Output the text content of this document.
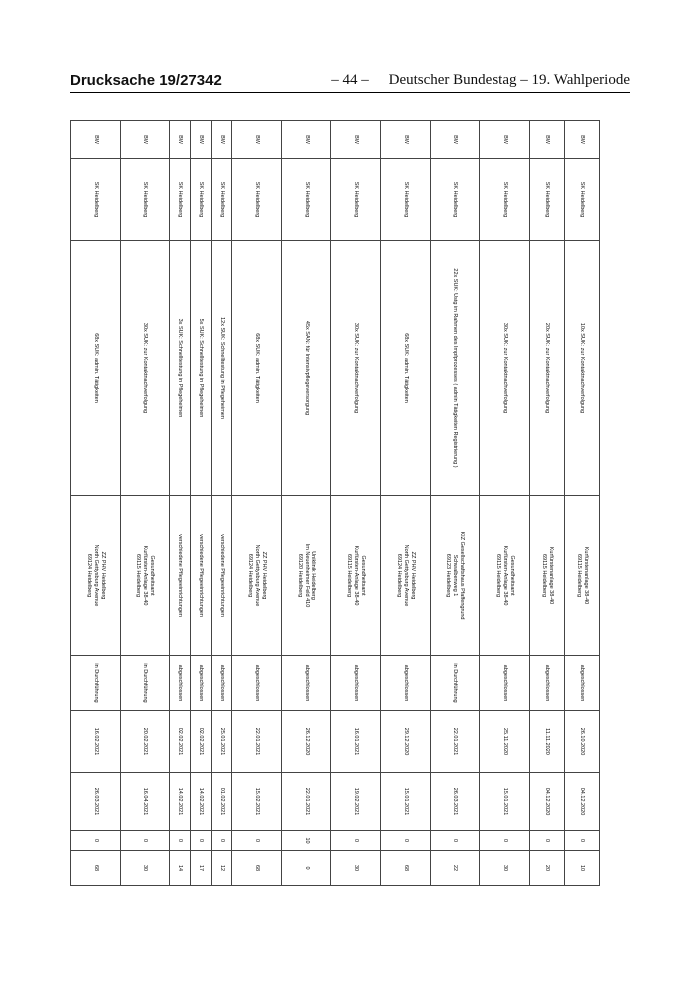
Drucksache 19/27342	– 44 –	Deutscher Bundestag – 19. Wahlperiode
BW	SK Heidelberg	10x SUK: zur Kontaktnachverfolgung	Kurfürstenanlage 38-40
69115 Heidelberg	abgeschlossen	26.10.2020	04.12.2020	0	10
BW	SK Heidelberg	20x SUK: zur Kontaktnachverfolgung	Kurfürstenanlage 38-40
69115 Heidelberg	abgeschlossen	11.11.2020	04.12.2020	0	20
BW	SK Heidelberg	30x SUK: zur Kontaktnachverfolgung	Gesundheitsamt
Kurfürsten-Anlage 38-40
69115 Heidelberg	abgeschlossen	25.11.2020	15.01.2021	0	30
BW	SK Heidelberg	22x SUK: Ustg im Rahmen des Impfprozesses ( admin Tätigkeiten Registrierung )	KIZ Gesellschaftshaus Pfaffengrund
Schwalbenweg 1
69123 Heidelberg	in Durchführung	22.01.2021	26.03.2021	0	22
BW	SK Heidelberg	68x SUK: admin. Tätigkeiten	ZZ PHV Heidelberg
North Gettysburg Avenue
69124 Heidelberg	abgeschlossen	29.12.2020	15.01.2021	0	68
BW	SK Heidelberg	30x SUK: zur Kontaktnachverfolgung	Gesundheitsamt
Kurfürsten-Anlage 38-40
69115 Heidelberg	abgeschlossen	16.01.2021	19.02.2021	0	30
BW	SK Heidelberg	45x SAN: für Intensivpflegeversorgung	Uniklinik Heidelberg
Im Neuenheimer Feld 410
69120 Heidelberg	abgeschlossen	26.12.2020	22.01.2021	10	0
BW	SK Heidelberg	68x SUK: admin. Tätigkeiten	ZZ PHV Heidelberg
North Gettysburg Avenue
69124 Heidelberg	abgeschlossen	22.01.2021	15.02.2021	0	68
BW	SK Heidelberg	12x SUK: Schnelltestung in Pflegeheimen	verschiedene Pflegeeinrichtungen	abgeschlossen	25.01.2021	01.02.2021	0	12
BW	SK Heidelberg	5x SUK: Schnelltestung in Pflegeheimen	verschiedene Pflegeeinrichtungen	abgeschlossen	02.02.2021	14.02.2021	0	17
BW	SK Heidelberg	3x SUK: Schnelltestung in Pflegeheimen	verschiedene Pflegeeinrichtungen	abgeschlossen	02.02.2021	14.02.2021	0	14
BW	SK Heidelberg	30x SUK: zur Kontaktnachverfolgung	Gesundheitsamt
Kurfürsten-Anlage 38-40
69115 Heidelberg	in Durchführung	20.02.2021	16.04.2021	0	30
BW	SK Heidelberg	68x SUK: admin. Tätigkeiten	ZZ PHV Heidelberg
North Gettysburg Avenue
69124 Heidelberg	in Durchführung	16.02.2021	26.03.2021	0	68
